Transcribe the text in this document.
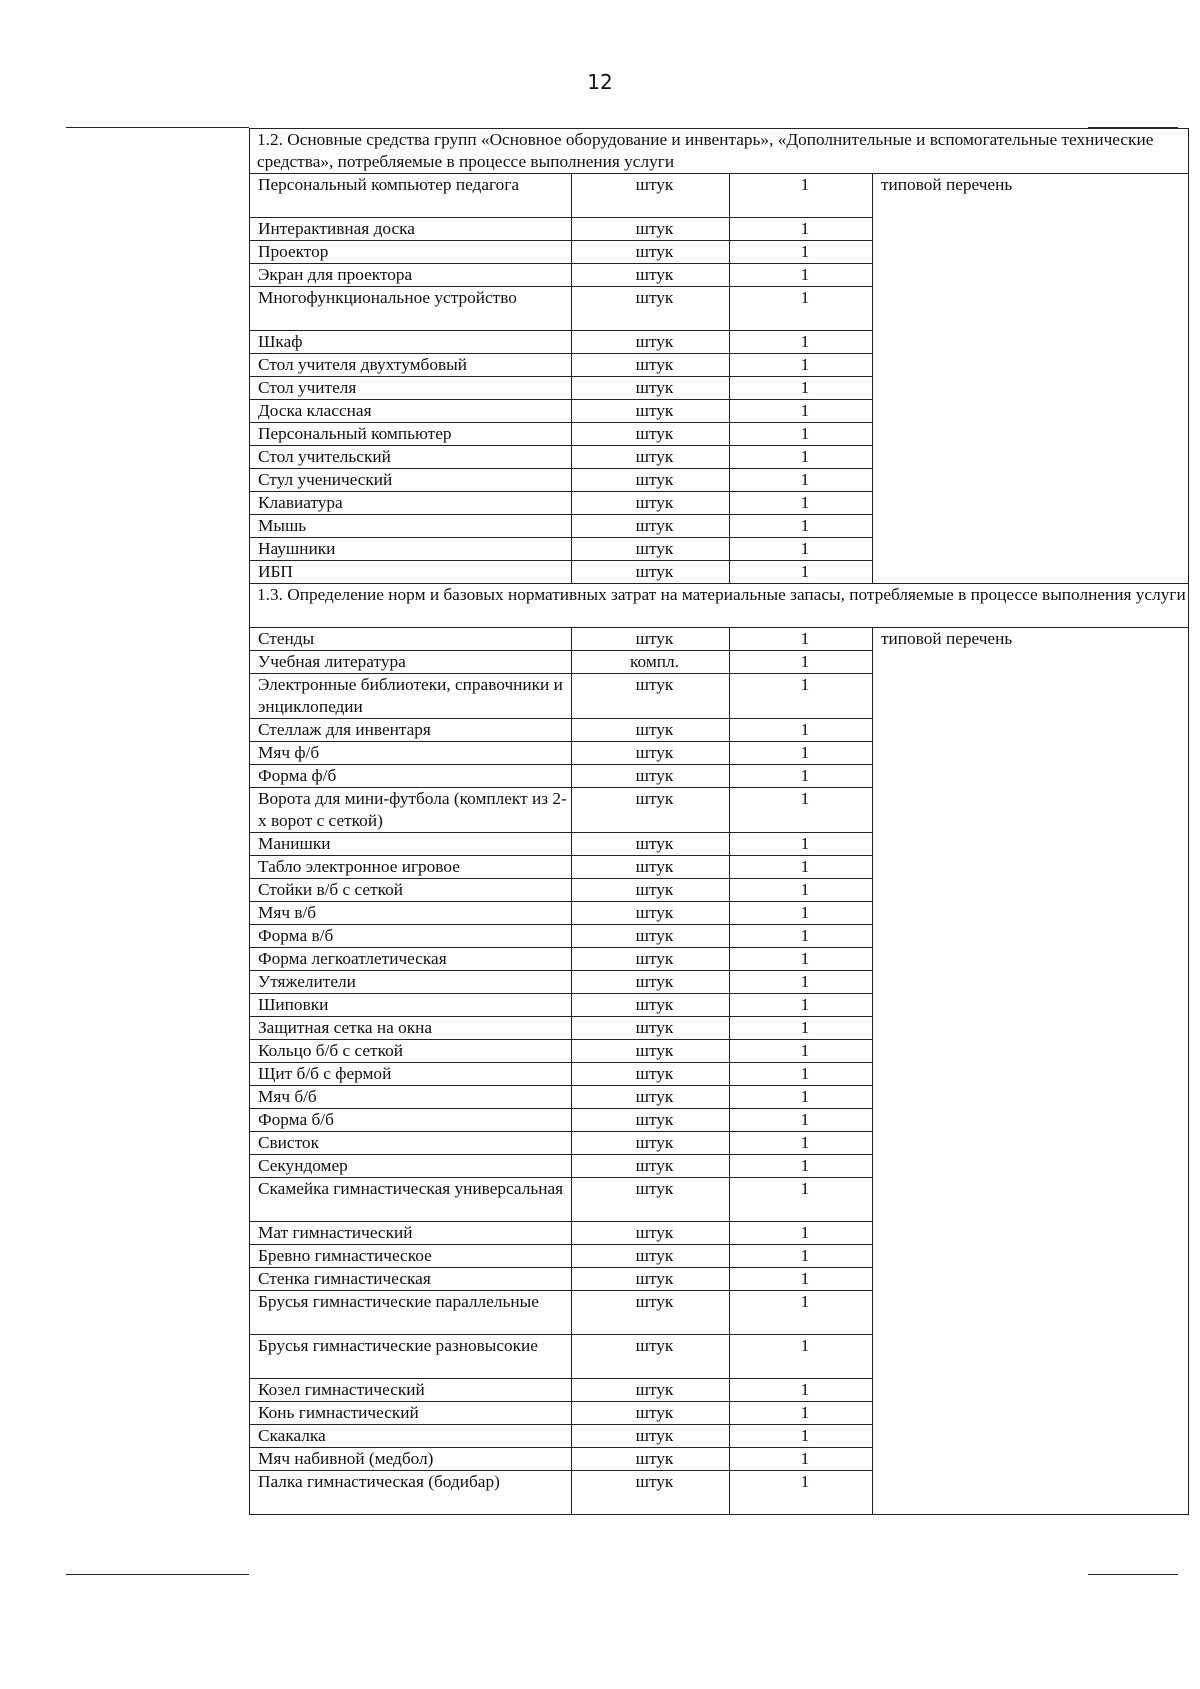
12
1.2. Основные средства групп «Основное оборудование и инвентарь», «Дополнительные и вспомогательные технические средства», потребляемые в процессе выполнения услуги			
Персональный компьютер педагога	штук	1	типовой перечень
Интерактивная доска	штук	1	
Проектор	штук	1	
Экран для проектора	штук	1	
Многофункциональное устройство	штук	1	
Шкаф	штук	1	
Стол учителя двухтумбовый	штук	1	
Стол учителя	штук	1	
Доска классная	штук	1	
Персональный компьютер	штук	1	
Стол учительский	штук	1	
Стул ученический	штук	1	
Клавиатура	штук	1	
Мышь	штук	1	
Наушники	штук	1	
ИБП	штук	1	
1.3. Определение норм и базовых нормативных затрат на материальные запасы, потребляемые в процессе выполнения услуги			
Стенды	штук	1	типовой перечень
Учебная литература	компл.	1	
Электронные библиотеки, справочники и энциклопедии	штук	1	
Стеллаж для инвентаря	штук	1	
Мяч ф/б	штук	1	
Форма ф/б	штук	1	
Ворота для мини-футбола (комплект из 2-х ворот с сеткой)	штук	1	
Манишки	штук	1	
Табло электронное игровое	штук	1	
Стойки в/б с сеткой	штук	1	
Мяч в/б	штук	1	
Форма в/б	штук	1	
Форма легкоатлетическая	штук	1	
Утяжелители	штук	1	
Шиповки	штук	1	
Защитная сетка на окна	штук	1	
Кольцо б/б с сеткой	штук	1	
Щит б/б с фермой	штук	1	
Мяч б/б	штук	1	
Форма б/б	штук	1	
Свисток	штук	1	
Секундомер	штук	1	
Скамейка гимнастическая универсальная	штук	1	
Мат гимнастический	штук	1	
Бревно гимнастическое	штук	1	
Стенка гимнастическая	штук	1	
Брусья гимнастические параллельные	штук	1	
Брусья гимнастические разновысокие	штук	1	
Козел гимнастический	штук	1	
Конь гимнастический	штук	1	
Скакалка	штук	1	
Мяч набивной (медбол)	штук	1	
Палка гимнастическая (бодибар)	штук	1	
